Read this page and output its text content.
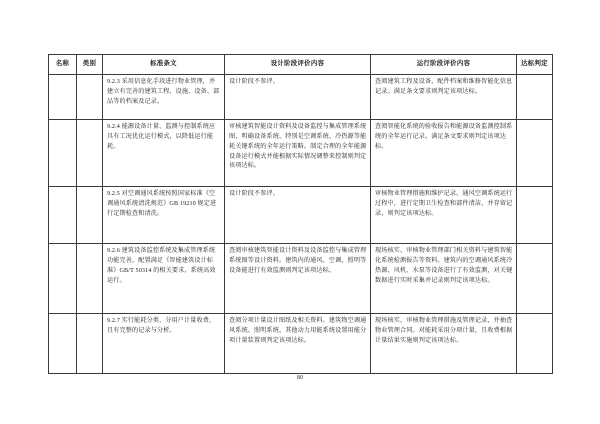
名称	类别	标准条文	设计阶段评价内容	运行阶段评价内容	达标判定
		9.2.3 采用信息化手段进行物业管理，并建立有完善的建筑工程、设施、设备、部品等的档案及记录。	设计阶段不参评。	查阅建筑工程及设备、配件档案和维修智能化信息记录。满足条文要求则判定该项达标。	
		9.2.4 能源设备计量、监测与控制系统应具有工况优化运行模式，以降低运行能耗。	审核建筑智能设计资料及设备监控与集成管理系统图，明确设备系统、特别是空调系统、冷热源等能耗关键系统的全年运行策略。制定合理的全年能源设备运行模式并能根据实际情况调整来控制则判定该项达标。	查阅智能化系统的验收报告和能源设备监测控制系统的全年运行记录。满足条文要求则判定该项达标。	
		9.2.5 对空调通风系统按照国家标准《空调通风系统清洗规范》GB 19210 规定进行定期检查和清洗。	设计阶段不参评。	审核物业管理措施和维护记录。通风空调系统运行过程中，进行定期卫生检查和部件清洁，并存留记录，则判定该项达标。	
		9.2.6 建筑设备监控系统及集成管理系统功能完善，配置满足《智能建筑设计标准》GB/T 50314 的相关要求，系统高效运行。	查阅审核建筑智能设计资料及设备监控与集成管理系统图等设计资料。建筑内的通风、空调、照明等设备能进行有效监测则判定该项达标。	现场核实、审核物业管理部门相关资料与建筑智能化系统检测报告等资料。建筑内的空调通风系统冷热源、风机、水泵等设备进行了有效监测，对关键数据进行实时采集并记录则判定该项达标。	
		9.2.7 实行能耗分类、分用户计量收费，且有完整的记录与分析。	查阅分项计量设计图纸及相关资料。建筑物空调通风系统、照明系统、其他动力用能系统设置用能分项计量装置则判定该项达标。	现场核实、审核物业管理措施及管理记录，并抽查物业管理合同。对能耗采用分项计量，且收费根据计量结果实施则判定该项达标。	
80
